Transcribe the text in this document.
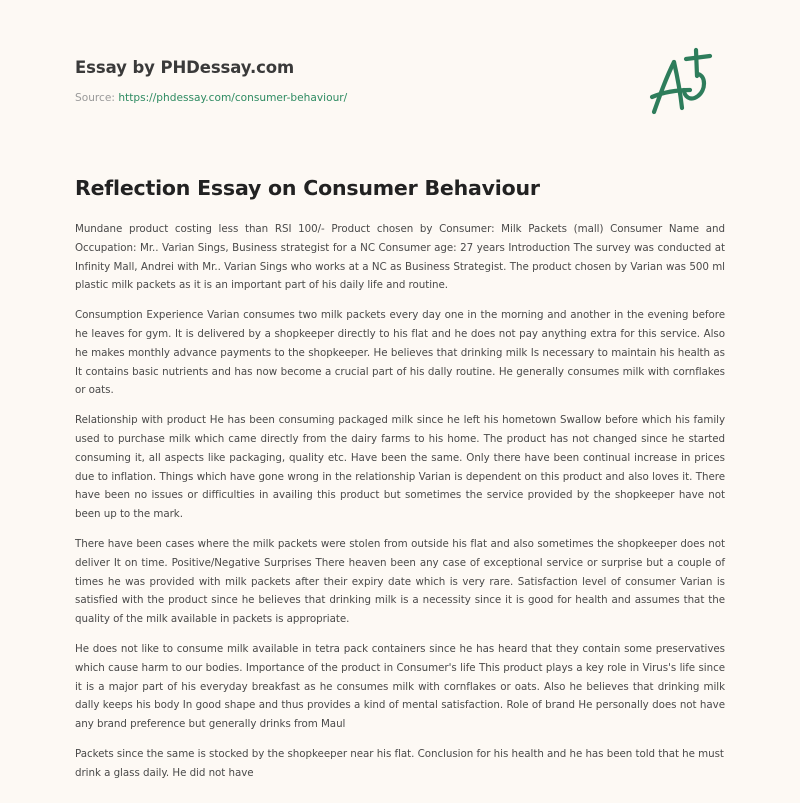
Essay by PHDessay.com
Source: https://phdessay.com/consumer-behaviour/
Reflection Essay on Consumer Behaviour

Mundane product costing less than RSI 100/- Product chosen by Consumer: Milk Packets (mall) Consumer Name and Occupation: Mr.. Varian Sings, Business strategist for a NC Consumer age: 27 years Introduction The survey was conducted at Infinity Mall, Andrei with Mr.. Varian Sings who works at a NC as Business Strategist. The product chosen by Varian was 500 ml plastic milk packets as it is an important part of his daily life and routine.

Consumption Experience Varian consumes two milk packets every day one in the morning and another in the evening before he leaves for gym. It is delivered by a shopkeeper directly to his flat and he does not pay anything extra for this service. Also he makes monthly advance payments to the shopkeeper. He believes that drinking milk Is necessary to maintain his health as It contains basic nutrients and has now become a crucial part of his dally routine. He generally consumes milk with cornflakes or oats.

Relationship with product He has been consuming packaged milk since he left his hometown Swallow before which his family used to purchase milk which came directly from the dairy farms to his home. The product has not changed since he started consuming it, all aspects like packaging, quality etc. Have been the same. Only there have been continual increase in prices due to inflation. Things which have gone wrong in the relationship Varian is dependent on this product and also loves it. There have been no issues or difficulties in availing this product but sometimes the service provided by the shopkeeper have not been up to the mark.

There have been cases where the milk packets were stolen from outside his flat and also sometimes the shopkeeper does not deliver It on time. Positive/Negative Surprises There heaven been any case of exceptional service or surprise but a couple of times he was provided with milk packets after their expiry date which is very rare. Satisfaction level of consumer Varian is satisfied with the product since he believes that drinking milk is a necessity since it is good for health and assumes that the quality of the milk available in packets is appropriate.

He does not like to consume milk available in tetra pack containers since he has heard that they contain some preservatives which cause harm to our bodies. Importance of the product in Consumer's life This product plays a key role in Virus's life since it is a major part of his everyday breakfast as he consumes milk with cornflakes or oats. Also he believes that drinking milk dally keeps his body In good shape and thus provides a kind of mental satisfaction. Role of brand He personally does not have any brand preference but generally drinks from Maul

Packets since the same is stocked by the shopkeeper near his flat. Conclusion for his health and he has been told that he must drink a glass daily. He did not have
